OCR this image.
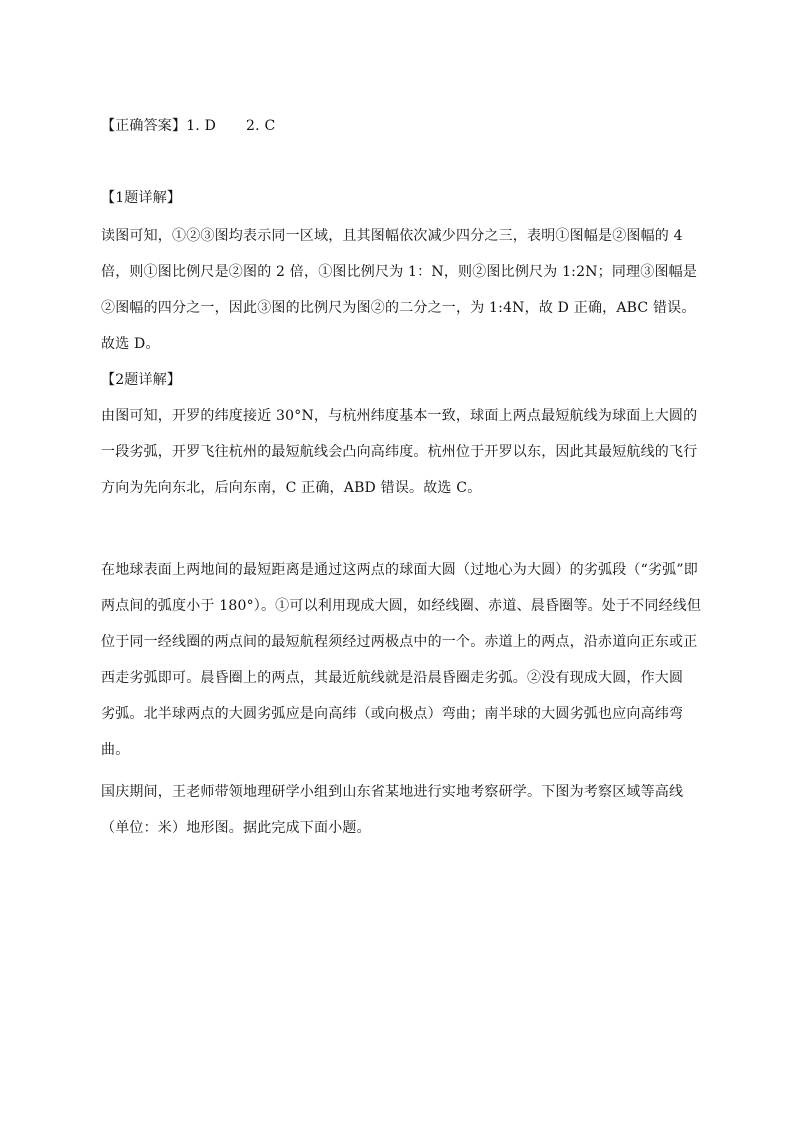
【正确答案】1. D 2. C
【1题详解】
读图可知，①②③图均表示同一区域，且其图幅依次减少四分之三，表明①图幅是②图幅的 4
倍，则①图比例尺是②图的 2 倍，①图比例尺为 1：N，则②图比例尺为 1:2N；同理③图幅是
②图幅的四分之一，因此③图的比例尺为图②的二分之一，为 1:4N，故 D 正确，ABC 错误。
故选 D。
【2题详解】
由图可知，开罗的纬度接近 30°N，与杭州纬度基本一致，球面上两点最短航线为球面上大圆的
一段劣弧，开罗飞往杭州的最短航线会凸向高纬度。杭州位于开罗以东，因此其最短航线的飞行
方向为先向东北，后向东南，C 正确，ABD 错误。故选 C。
在地球表面上两地间的最短距离是通过这两点的球面大圆（过地心为大圆）的劣弧段（“劣弧”即
两点间的弧度小于 180°）。①可以利用现成大圆，如经线圈、赤道、晨昏圈等。处于不同经线但
位于同一经线圈的两点间的最短航程须经过两极点中的一个。赤道上的两点，沿赤道向正东或正
西走劣弧即可。晨昏圈上的两点，其最近航线就是沿晨昏圈走劣弧。②没有现成大圆，作大圆
劣弧。北半球两点的大圆劣弧应是向高纬（或向极点）弯曲；南半球的大圆劣弧也应向高纬弯
曲。
国庆期间，王老师带领地理研学小组到山东省某地进行实地考察研学。下图为考察区域等高线
（单位：米）地形图。据此完成下面小题。
